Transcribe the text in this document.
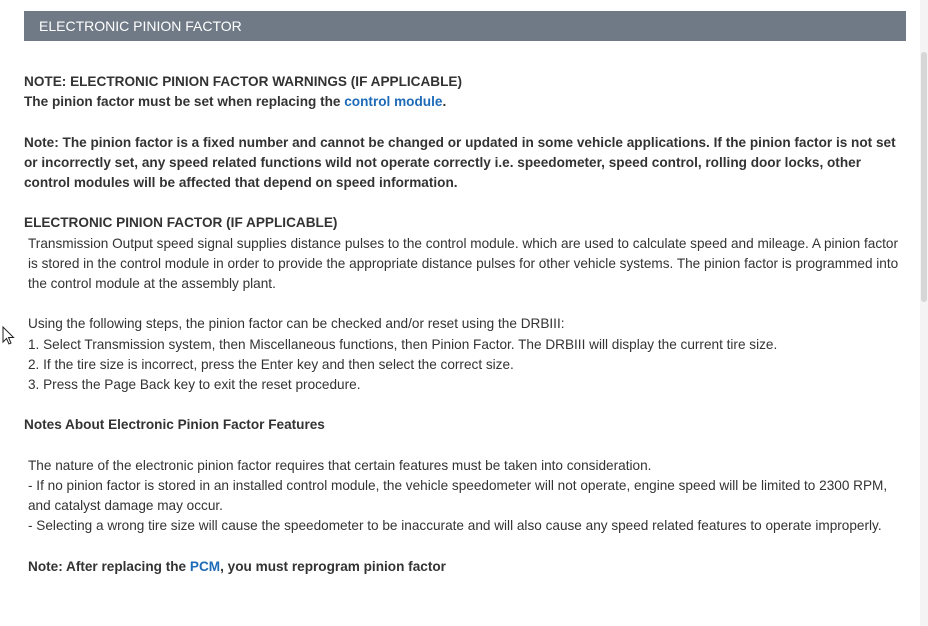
ELECTRONIC PINION FACTOR

NOTE: ELECTRONIC PINION FACTOR WARNINGS (IF APPLICABLE)

The pinion factor must be set when replacing the control module.

Note: The pinion factor is a fixed number and cannot be changed or updated in some vehicle applications. If the pinion factor is not set or incorrectly set, any speed related functions wild not operate correctly i.e. speedometer, speed control, rolling door locks, other control modules will be affected that depend on speed information.

ELECTRONIC PINION FACTOR (IF APPLICABLE)

Transmission Output speed signal supplies distance pulses to the control module. which are used to calculate speed and mileage. A pinion factor is stored in the control module in order to provide the appropriate distance pulses for other vehicle systems. The pinion factor is programmed into the control module at the assembly plant.

Using the following steps, the pinion factor can be checked and/or reset using the DRBIII:

1. Select Transmission system, then Miscellaneous functions, then Pinion Factor. The DRBIII will display the current tire size.

2. If the tire size is incorrect, press the Enter key and then select the correct size.

3. Press the Page Back key to exit the reset procedure.

Notes About Electronic Pinion Factor Features

The nature of the electronic pinion factor requires that certain features must be taken into consideration.

- If no pinion factor is stored in an installed control module, the vehicle speedometer will not operate, engine speed will be limited to 2300 RPM, and catalyst damage may occur.

- Selecting a wrong tire size will cause the speedometer to be inaccurate and will also cause any speed related features to operate improperly.

Note: After replacing the PCM, you must reprogram pinion factor
